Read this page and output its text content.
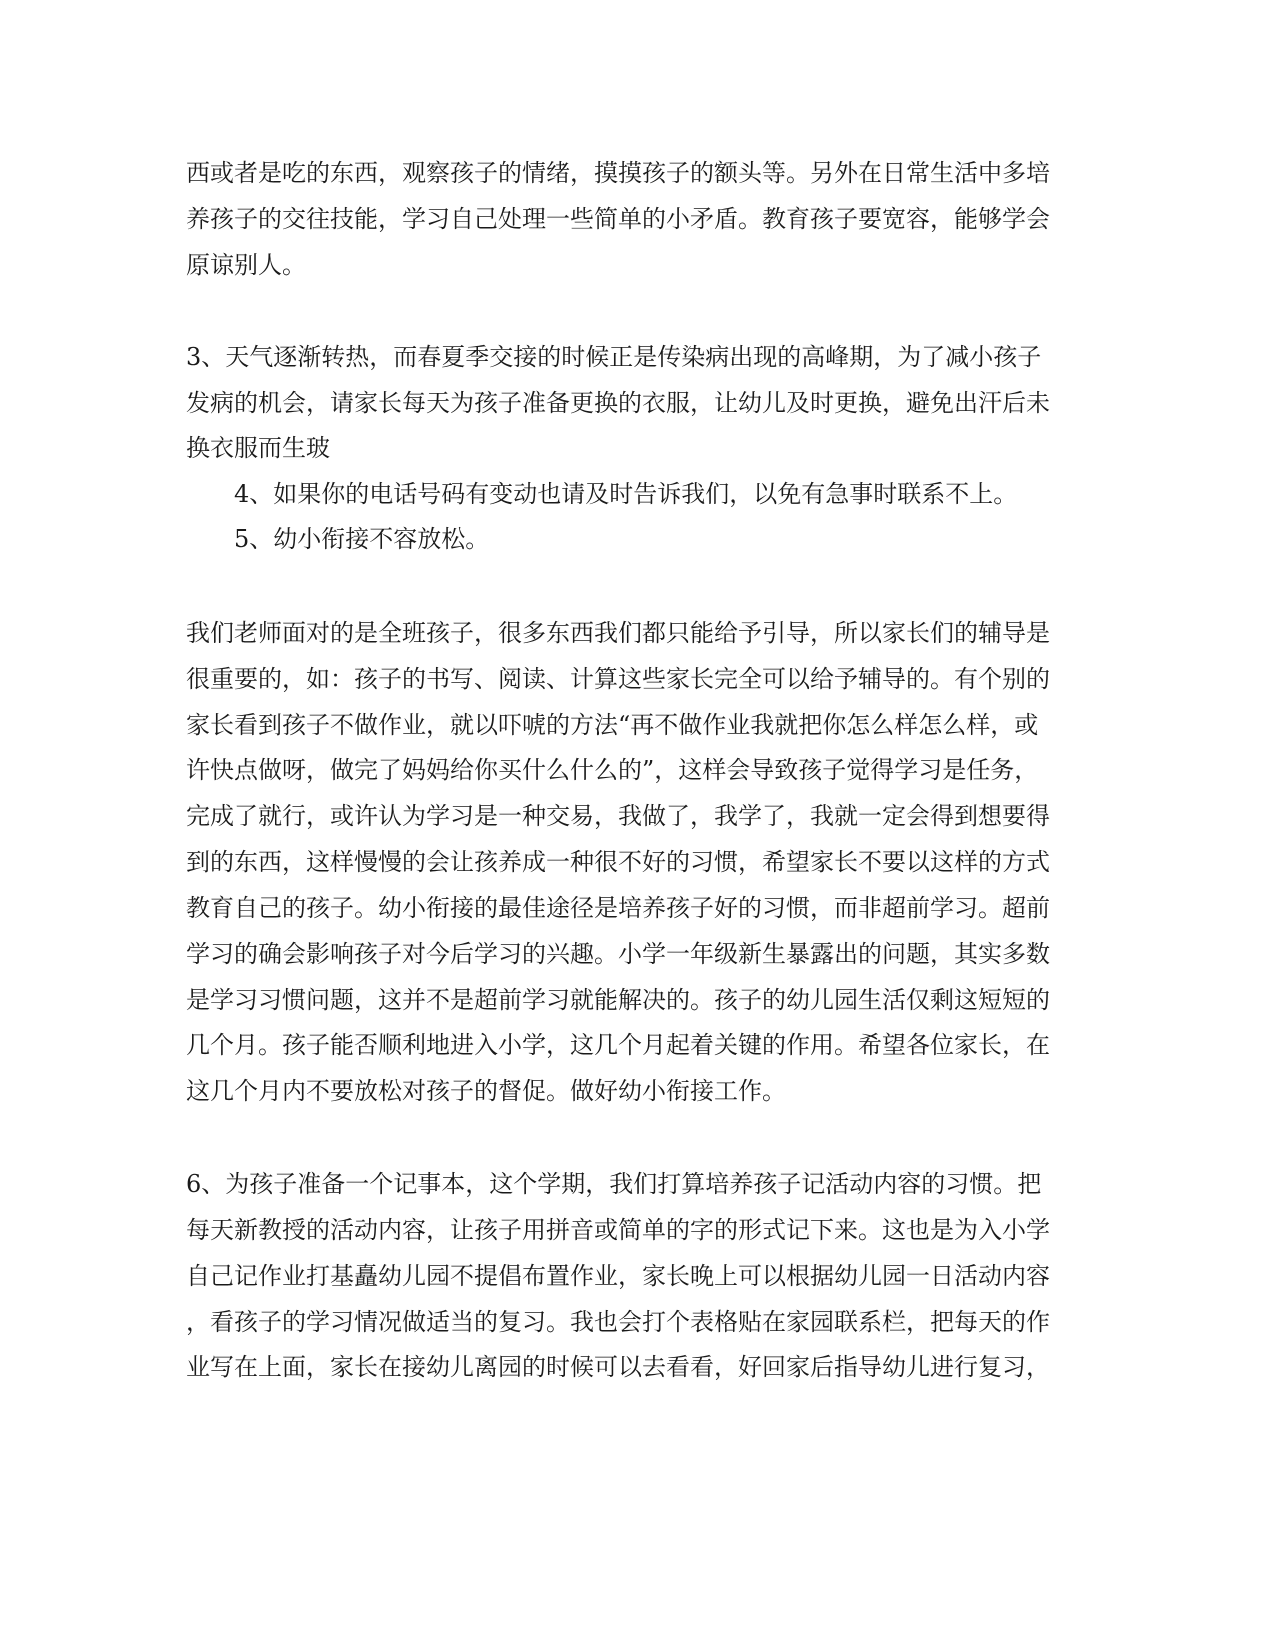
西或者是吃的东西，观察孩子的情绪，摸摸孩子的额头等。另外在日常生活中多培
养孩子的交往技能，学习自己处理一些简单的小矛盾。教育孩子要宽容，能够学会
原谅别人。
3、天气逐渐转热，而春夏季交接的时候正是传染病出现的高峰期，为了减小孩子
发病的机会，请家长每天为孩子准备更换的衣服，让幼儿及时更换，避免出汗后未
换衣服而生玻
4、如果你的电话号码有变动也请及时告诉我们，以免有急事时联系不上。
5、幼小衔接不容放松。
我们老师面对的是全班孩子，很多东西我们都只能给予引导，所以家长们的辅导是
很重要的，如：孩子的书写、阅读、计算这些家长完全可以给予辅导的。有个别的
家长看到孩子不做作业，就以吓唬的方法“再不做作业我就把你怎么样怎么样，或
许快点做呀，做完了妈妈给你买什么什么的”，这样会导致孩子觉得学习是任务，
完成了就行，或许认为学习是一种交易，我做了，我学了，我就一定会得到想要得
到的东西，这样慢慢的会让孩养成一种很不好的习惯，希望家长不要以这样的方式
教育自己的孩子。幼小衔接的最佳途径是培养孩子好的习惯，而非超前学习。超前
学习的确会影响孩子对今后学习的兴趣。小学一年级新生暴露出的问题，其实多数
是学习习惯问题，这并不是超前学习就能解决的。孩子的幼儿园生活仅剩这短短的
几个月。孩子能否顺利地进入小学，这几个月起着关键的作用。希望各位家长，在
这几个月内不要放松对孩子的督促。做好幼小衔接工作。
6、为孩子准备一个记事本，这个学期，我们打算培养孩子记活动内容的习惯。把
每天新教授的活动内容，让孩子用拼音或简单的字的形式记下来。这也是为入小学
自己记作业打基矗幼儿园不提倡布置作业，家长晚上可以根据幼儿园一日活动内容
，看孩子的学习情况做适当的复习。我也会打个表格贴在家园联系栏，把每天的作
业写在上面，家长在接幼儿离园的时候可以去看看，好回家后指导幼儿进行复习，
